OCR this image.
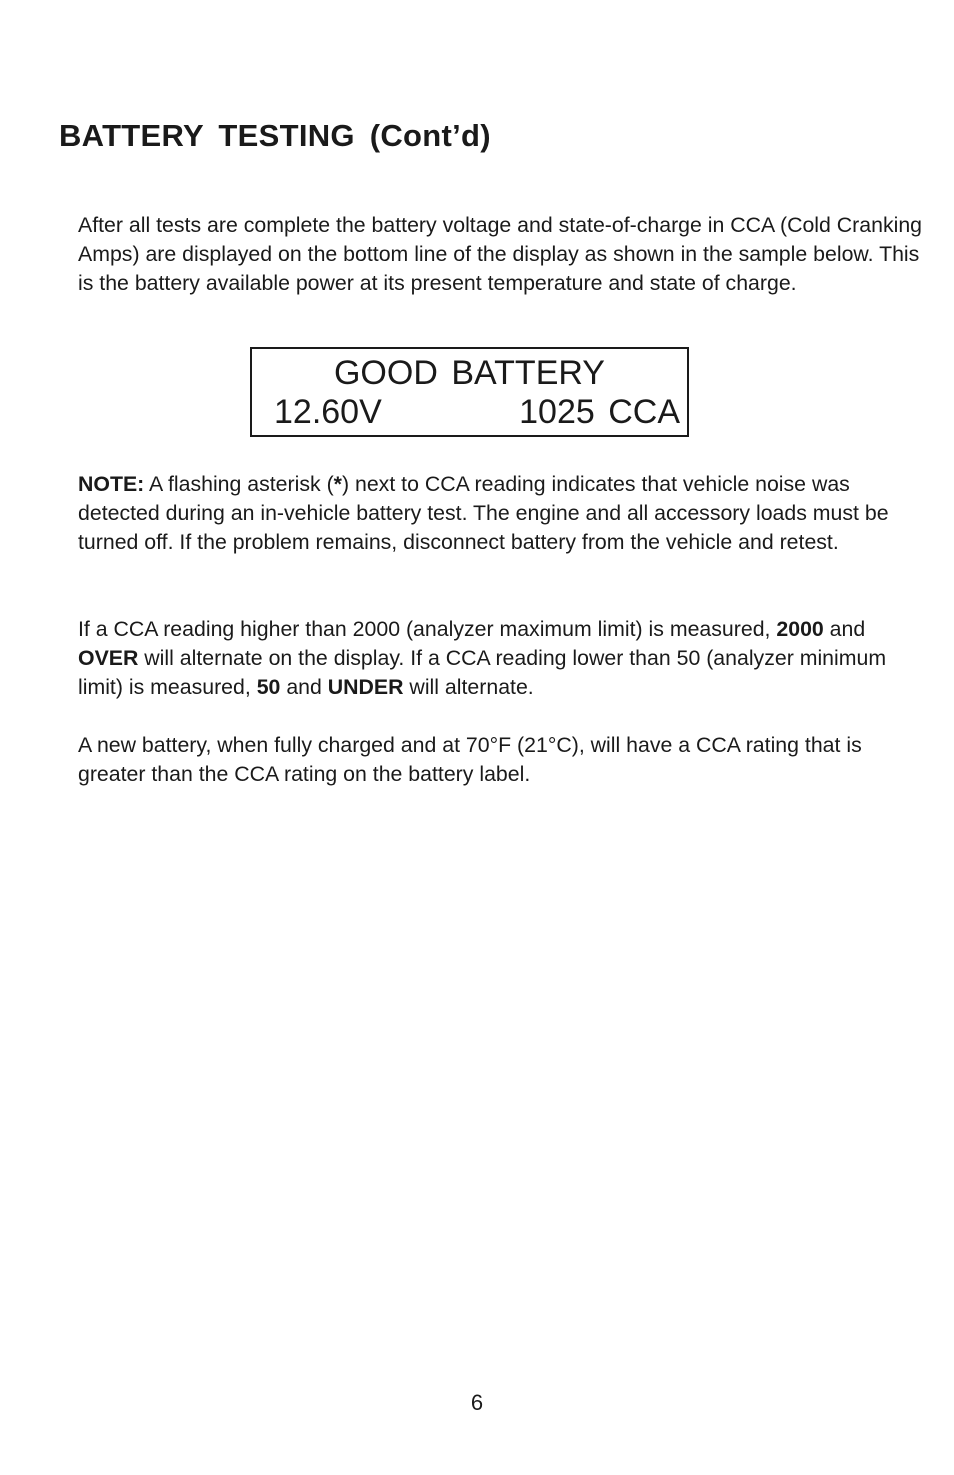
BATTERY TESTING (Cont’d)

After all tests are complete the battery voltage and state-of-charge in CCA (Cold Cranking Amps) are displayed on the bottom line of the display as shown in the sample below. This is the battery available power at its present temperature and state of charge.

GOOD BATTERY
12.60V	1025 CCA

NOTE: A flashing asterisk (*) next to CCA reading indicates that vehicle noise was detected during an in-vehicle battery test. The engine and all accessory loads must be turned off. If the problem remains, disconnect battery from the vehicle and retest.

If a CCA reading higher than 2000 (analyzer maximum limit) is measured, 2000 and OVER will alternate on the display. If a CCA reading lower than 50 (analyzer minimum limit) is measured, 50 and UNDER will alternate.

A new battery, when fully charged and at 70°F (21°C), will have a CCA rating that is greater than the CCA rating on the battery label.

6
